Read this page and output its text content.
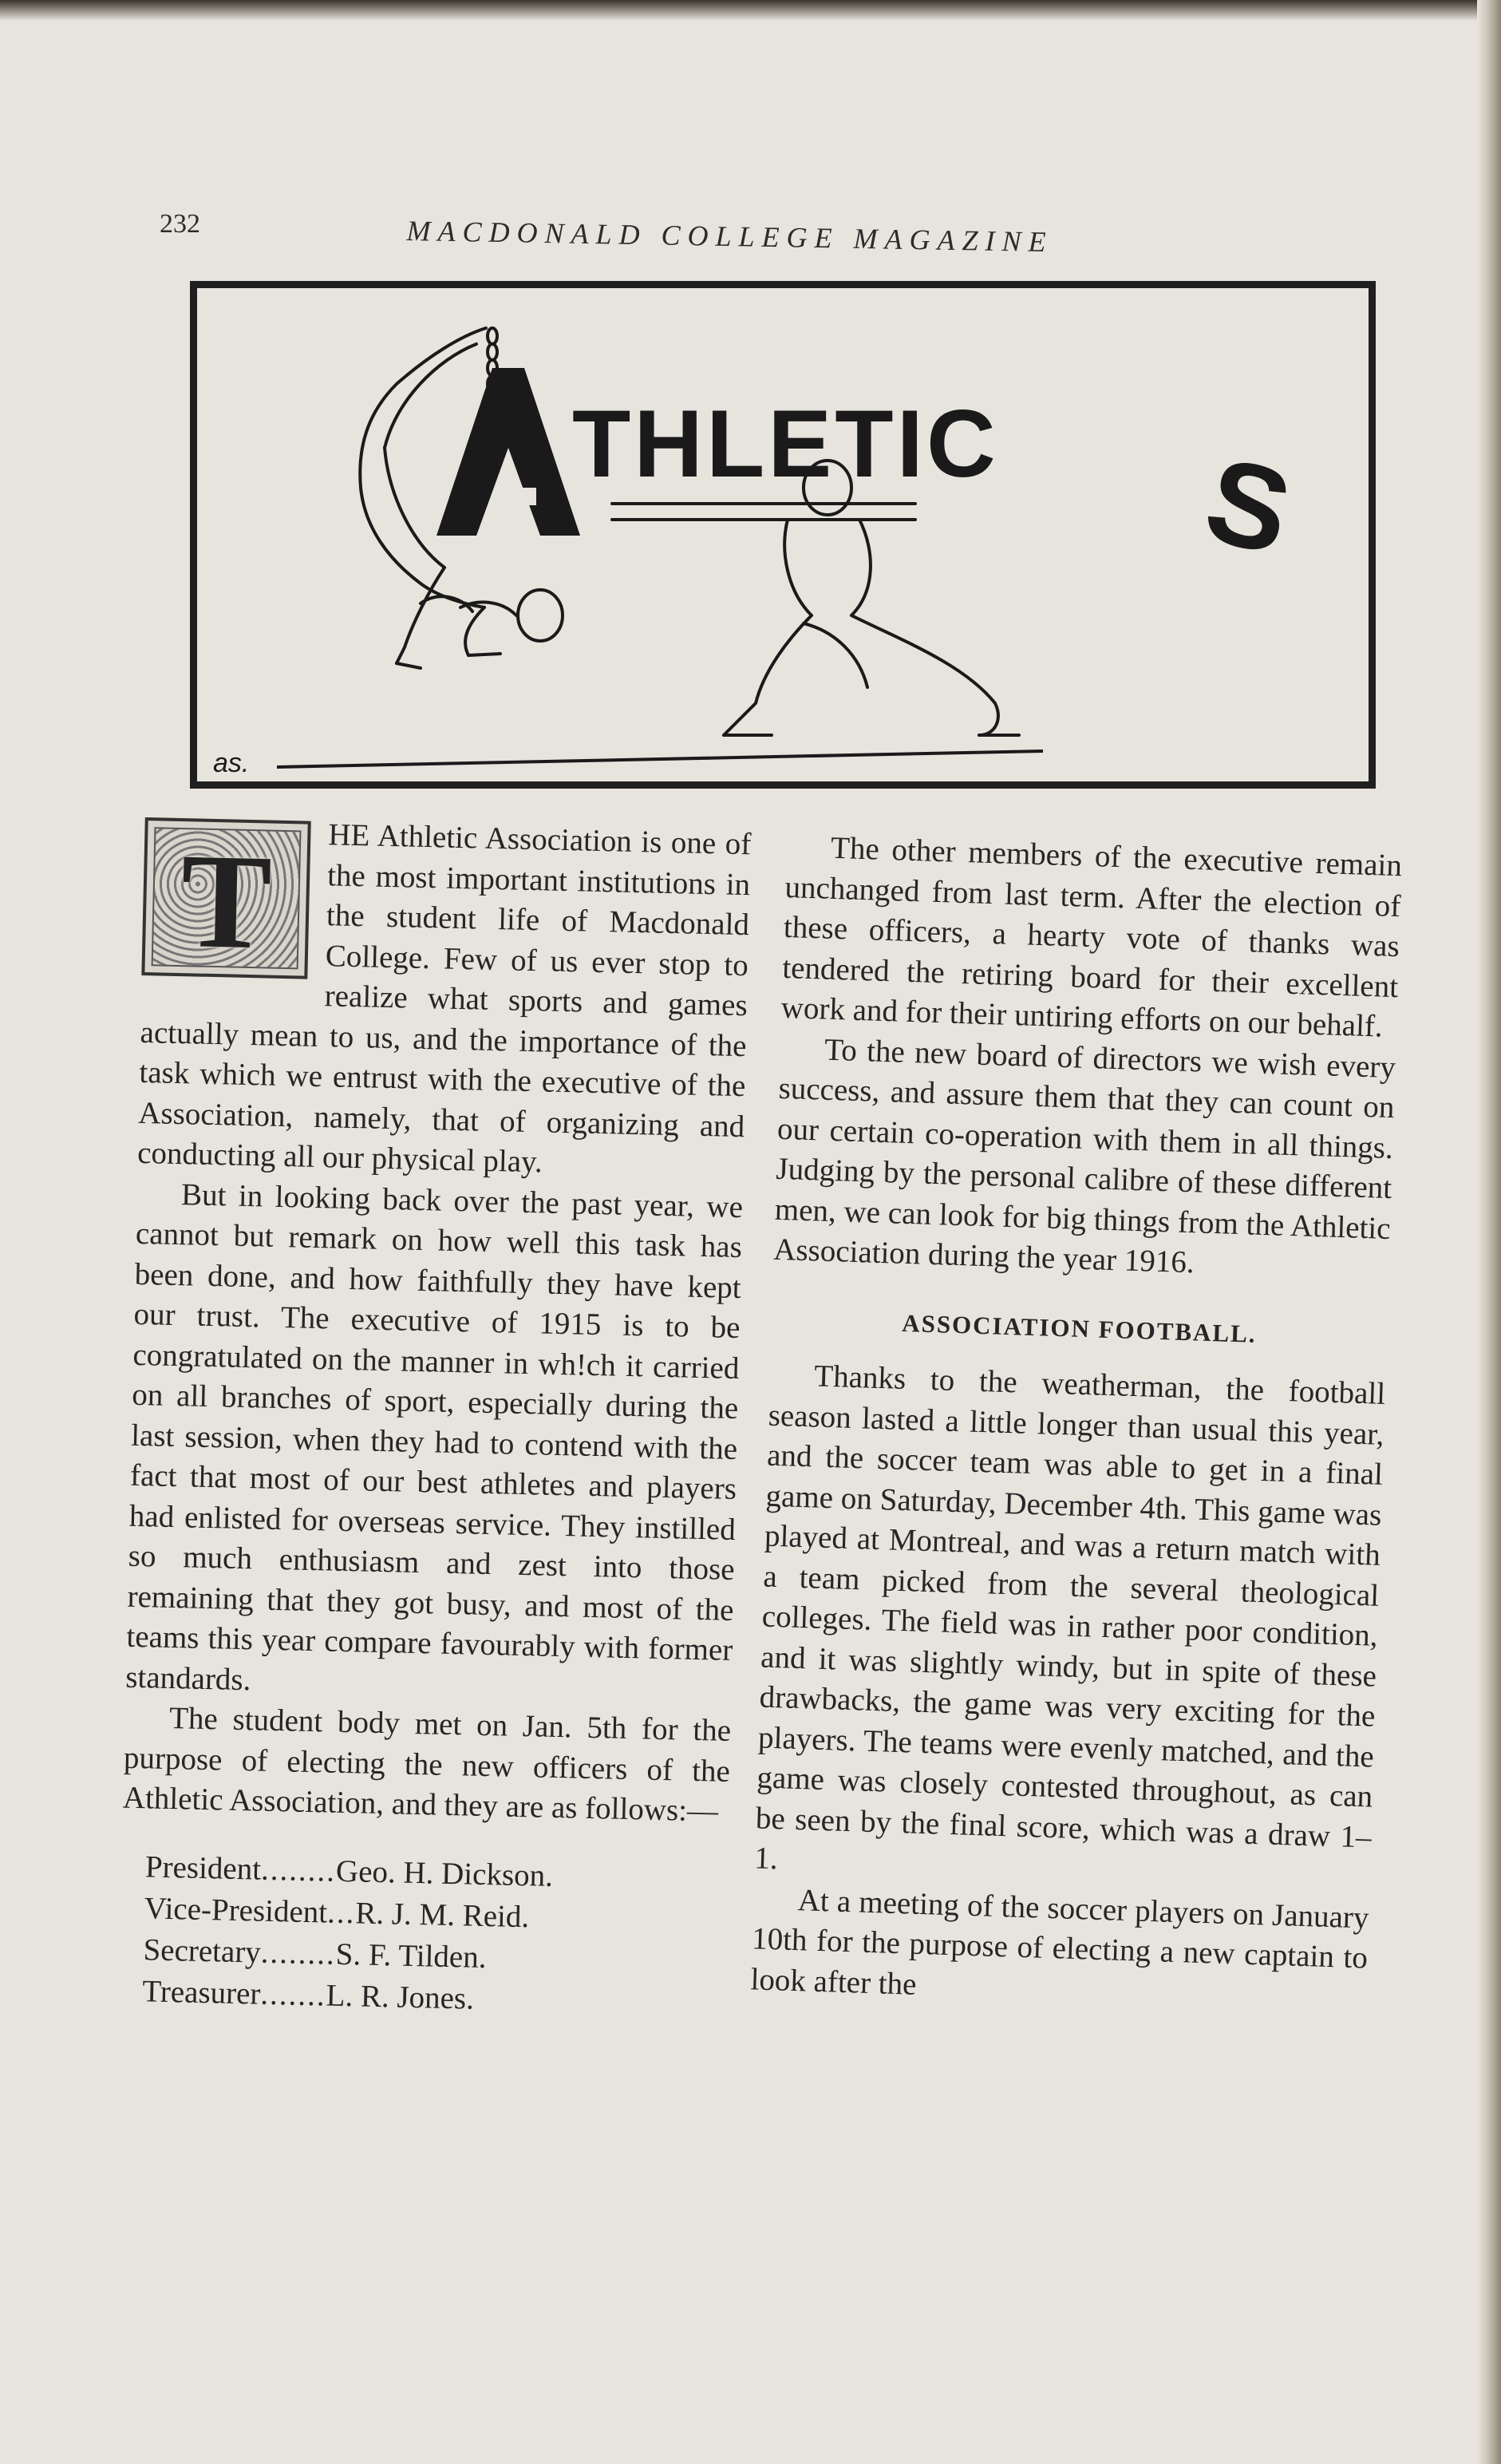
232	MACDONALD COLLEGE MAGAZINE
THLETIC S
as.

T	HE Athletic Association is one of the most important institutions in the student life of Macdonald College. Few of us ever stop to realize what sports and games actually mean to us, and the importance of the task which we entrust with the executive of the Association, namely, that of organizing and conducting all our physical play.

But in looking back over the past year, we cannot but remark on how well this task has been done, and how faithfully they have kept our trust. The executive of 1915 is to be congratulated on the manner in wh!ch it carried on all branches of sport, especially during the last session, when they had to contend with the fact that most of our best athletes and players had enlisted for overseas service. They instilled so much enthusiasm and zest into those remaining that they got busy, and most of the teams this year compare favourably with former standards.

The student body met on Jan. 5th for the purpose of electing the new officers of the Athletic Association, and they are as follows:—

President ........ Geo. H. Dickson.
Vice-President ... R. J. M. Reid.
Secretary ........ S. F. Tilden.
Treasurer ....... L. R. Jones.

The other members of the executive remain unchanged from last term. After the election of these officers, a hearty vote of thanks was tendered the retiring board for their excellent work and for their untiring efforts on our behalf.

To the new board of directors we wish every success, and assure them that they can count on our certain co-operation with them in all things. Judging by the personal calibre of these different men, we can look for big things from the Athletic Association during the year 1916.

ASSOCIATION FOOTBALL.

Thanks to the weatherman, the football season lasted a little longer than usual this year, and the soccer team was able to get in a final game on Saturday, December 4th. This game was played at Montreal, and was a return match with a team picked from the several theological colleges. The field was in rather poor condition, and it was slightly windy, but in spite of these drawbacks, the game was very exciting for the players. The teams were evenly matched, and the game was closely contested throughout, as can be seen by the final score, which was a draw 1–1.

At a meeting of the soccer players on January 10th for the purpose of electing a new captain to look after the
